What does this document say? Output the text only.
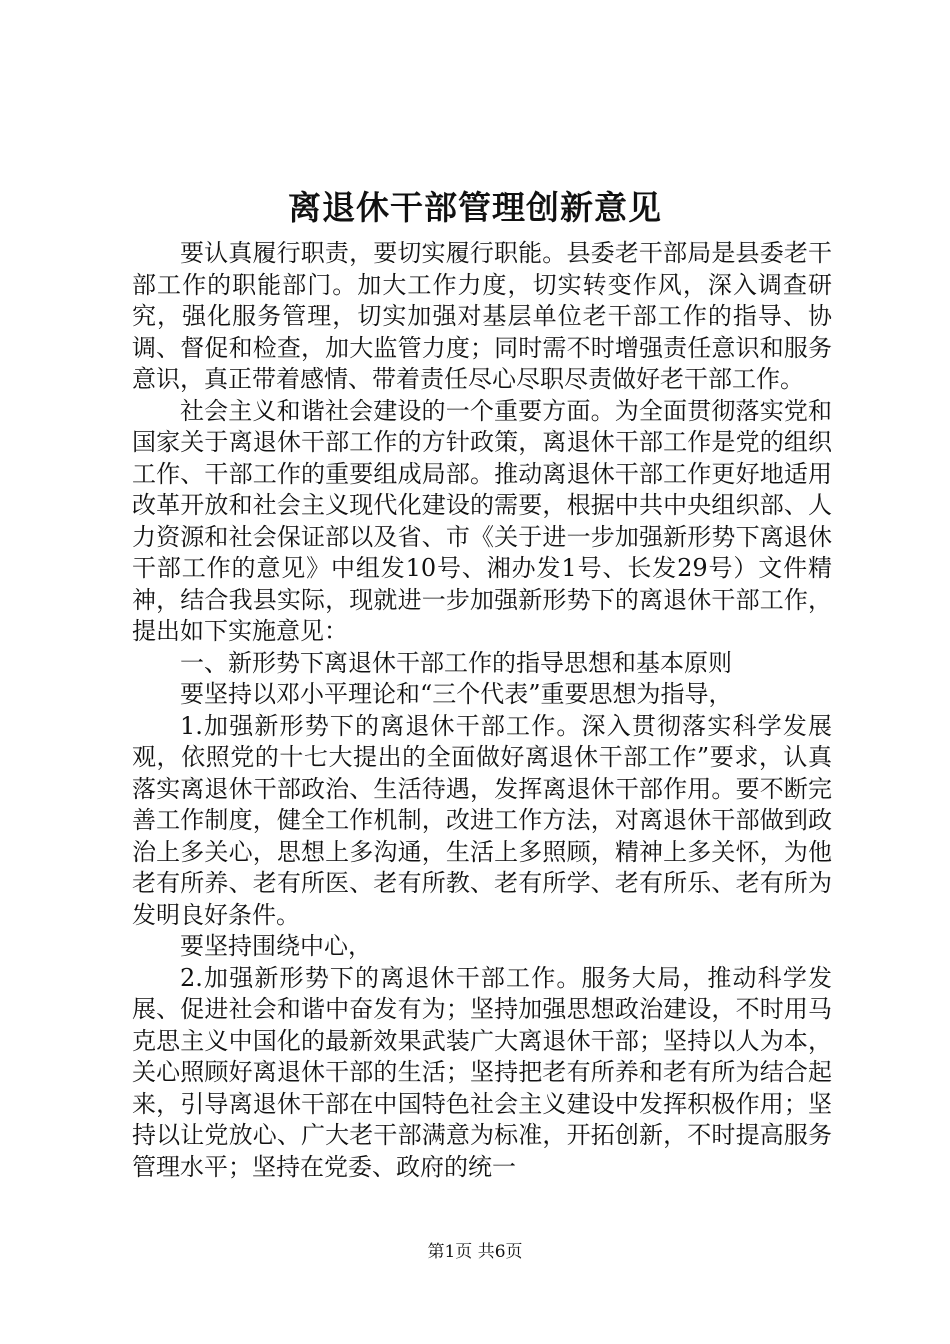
离退休干部管理创新意见

要认真履行职责，要切实履行职能。县委老干部局是县委老干部工作的职能部门。加大工作力度，切实转变作风，深入调查研究，强化服务管理，切实加强对基层单位老干部工作的指导、协调、督促和检查，加大监管力度；同时需不时增强责任意识和服务意识，真正带着感情、带着责任尽心尽职尽责做好老干部工作。

社会主义和谐社会建设的一个重要方面。为全面贯彻落实党和国家关于离退休干部工作的方针政策，离退休干部工作是党的组织工作、干部工作的重要组成局部。推动离退休干部工作更好地适用改革开放和社会主义现代化建设的需要，根据中共中央组织部、人力资源和社会保证部以及省、市《关于进一步加强新形势下离退休干部工作的意见》中组发10号、湘办发1号、长发29号）文件精神，结合我县实际，现就进一步加强新形势下的离退休干部工作，提出如下实施意见：

一、新形势下离退休干部工作的指导思想和基本原则

要坚持以邓小平理论和“三个代表”重要思想为指导，

1.加强新形势下的离退休干部工作。深入贯彻落实科学发展观，依照党的十七大提出的全面做好离退休干部工作”要求，认真落实离退休干部政治、生活待遇，发挥离退休干部作用。要不断完善工作制度，健全工作机制，改进工作方法，对离退休干部做到政治上多关心，思想上多沟通，生活上多照顾，精神上多关怀，为他老有所养、老有所医、老有所教、老有所学、老有所乐、老有所为发明良好条件。

要坚持围绕中心，

2.加强新形势下的离退休干部工作。服务大局，推动科学发展、促进社会和谐中奋发有为；坚持加强思想政治建设，不时用马克思主义中国化的最新效果武装广大离退休干部；坚持以人为本，关心照顾好离退休干部的生活；坚持把老有所养和老有所为结合起来，引导离退休干部在中国特色社会主义建设中发挥积极作用；坚持以让党放心、广大老干部满意为标准，开拓创新，不时提高服务管理水平；坚持在党委、政府的统一

第1页 共6页
